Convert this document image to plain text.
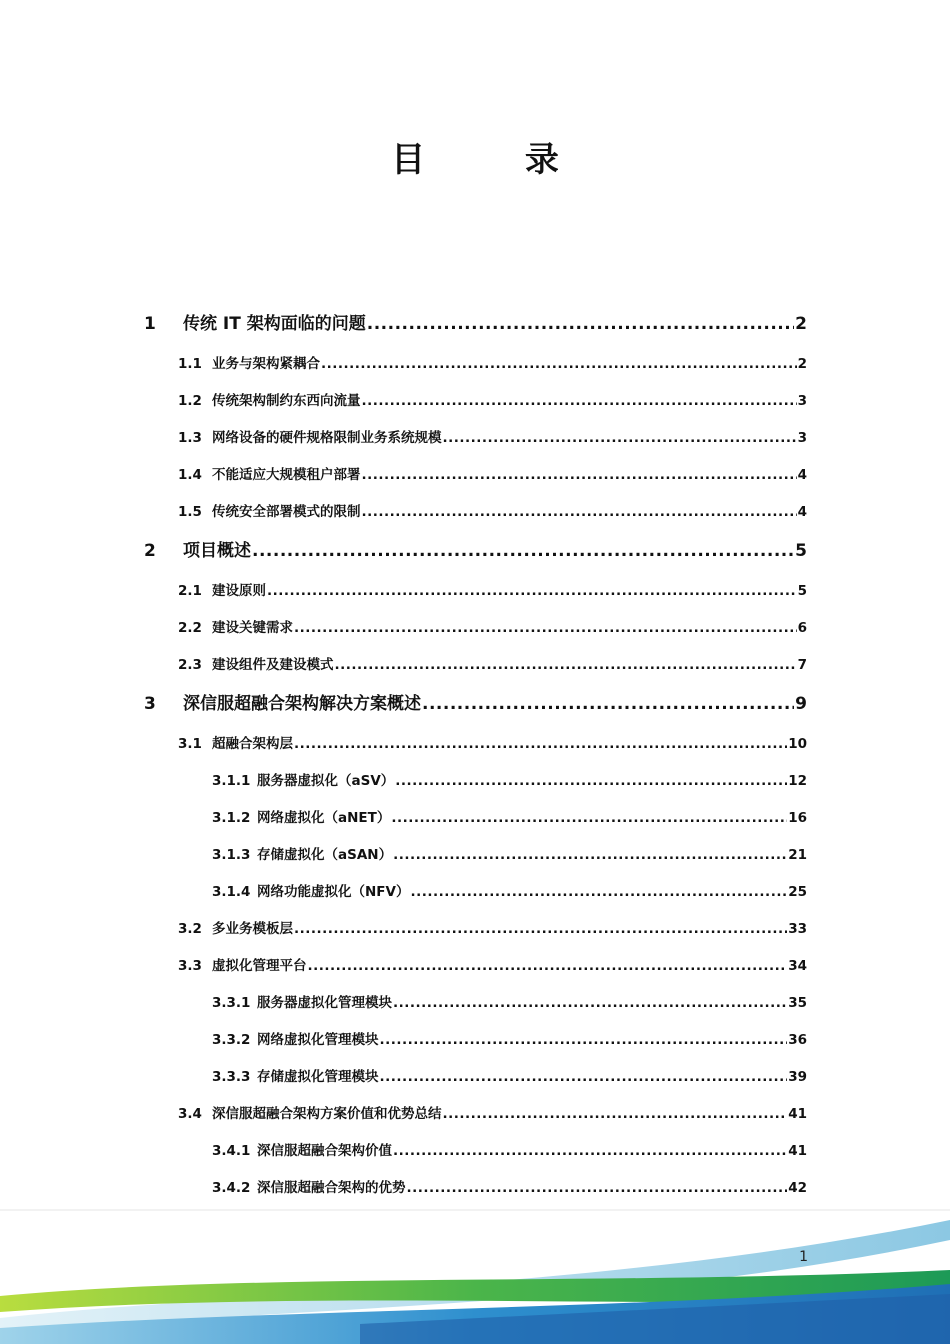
目 录
1	传统 IT 架构面临的问题 .....	2
1.1 业务与架构紧耦合 .....	2
1.2 传统架构制约东西向流量 .....	3
1.3 网络设备的硬件规格限制业务系统规模 .....	3
1.4 不能适应大规模租户部署 .....	4
1.5 传统安全部署模式的限制 .....	4
2	项目概述 .....	5
2.1 建设原则 .....	5
2.2 建设关键需求 .....	6
2.3 建设组件及建设模式 .....	7
3	深信服超融合架构解决方案概述 .....	9
3.1 超融合架构层 .....	10
3.1.1 服务器虚拟化（aSV） .....	12
3.1.2 网络虚拟化（aNET） .....	16
3.1.3 存储虚拟化（aSAN） .....	21
3.1.4 网络功能虚拟化（NFV） .....	25
3.2 多业务模板层 .....	33
3.3 虚拟化管理平台 .....	34
3.3.1 服务器虚拟化管理模块 .....	35
3.3.2 网络虚拟化管理模块 .....	36
3.3.3 存储虚拟化管理模块 .....	39
3.4 深信服超融合架构方案价值和优势总结 .....	41
3.4.1 深信服超融合架构价值 .....	41
3.4.2 深信服超融合架构的优势 .....	42
1
